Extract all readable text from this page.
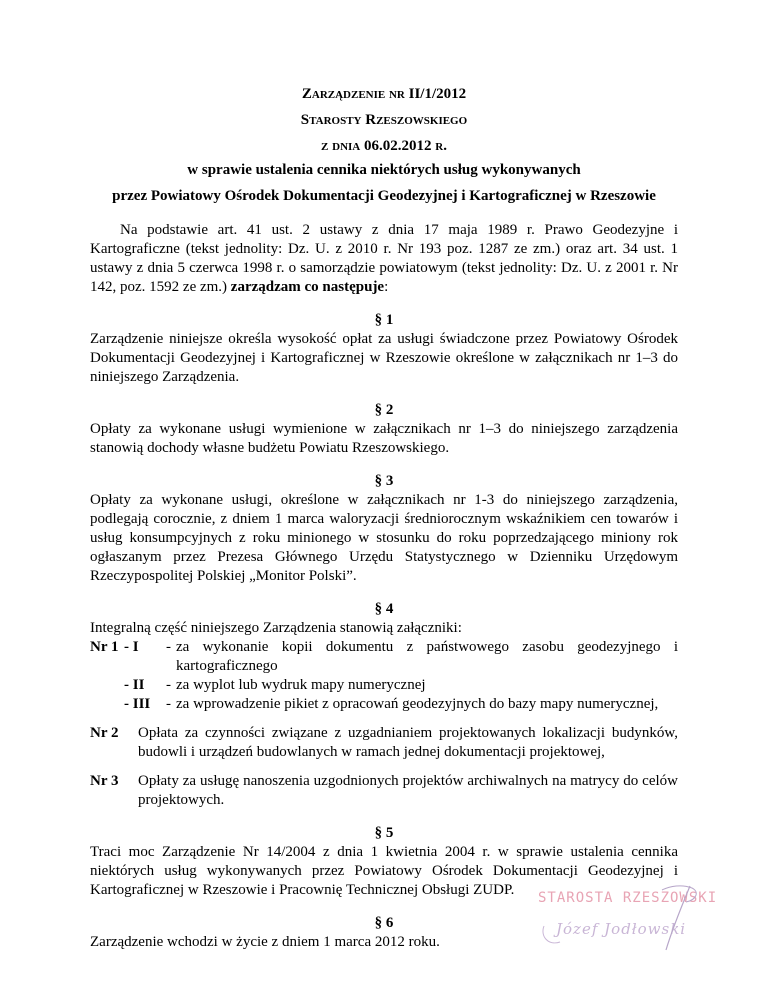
Zarządzenie nr II/1/2012
Starosty Rzeszowskiego
z dnia 06.02.2012 r.
w sprawie ustalenia cennika niektórych usług wykonywanych
przez Powiatowy Ośrodek Dokumentacji Geodezyjnej i Kartograficznej w Rzeszowie

Na podstawie art. 41 ust. 2 ustawy z dnia 17 maja 1989 r. Prawo Geodezyjne i Kartograficzne (tekst jednolity: Dz. U. z 2010 r. Nr 193 poz. 1287 ze zm.) oraz art. 34 ust. 1 ustawy z dnia 5 czerwca 1998 r. o samorządzie powiatowym (tekst jednolity: Dz. U. z 2001 r. Nr 142, poz. 1592 ze zm.) zarządzam co następuje:

§ 1

Zarządzenie niniejsze określa wysokość opłat za usługi świadczone przez Powiatowy Ośrodek Dokumentacji Geodezyjnej i Kartograficznej w Rzeszowie określone w załącznikach nr 1–3 do niniejszego Zarządzenia.

§ 2

Opłaty za wykonane usługi wymienione w załącznikach nr 1–3 do niniejszego zarządzenia stanowią dochody własne budżetu Powiatu Rzeszowskiego.

§ 3

Opłaty za wykonane usługi, określone w załącznikach nr 1-3 do niniejszego zarządzenia, podlegają corocznie, z dniem 1 marca waloryzacji średniorocznym wskaźnikiem cen towarów i usług konsumpcyjnych z roku minionego w stosunku do roku poprzedzającego miniony rok ogłaszanym przez Prezesa Głównego Urzędu Statystycznego w Dzienniku Urzędowym Rzeczypospolitej Polskiej „Monitor Polski”.

§ 4

Integralną część niniejszego Zarządzenia stanowią załączniki:

Nr 1 - I	- za wykonanie kopii dokumentu z państwowego zasobu geodezyjnego i kartograficznego
- II	- za wyplot lub wydruk mapy numerycznej
- III	- za wprowadzenie pikiet z opracowań geodezyjnych do bazy mapy numerycznej,
Nr 2	Opłata za czynności związane z uzgadnianiem projektowanych lokalizacji budynków, budowli i urządzeń budowlanych w ramach jednej dokumentacji projektowej,
Nr 3	Opłaty za usługę nanoszenia uzgodnionych projektów archiwalnych na matrycy do celów projektowych.
§ 5

Traci moc Zarządzenie Nr 14/2004 z dnia 1 kwietnia 2004 r. w sprawie ustalenia cennika niektórych usług wykonywanych przez Powiatowy Ośrodek Dokumentacji Geodezyjnej i Kartograficznej w Rzeszowie i Pracownię Technicznej Obsługi ZUDP.

§ 6

Zarządzenie wchodzi w życie z dniem 1 marca 2012 roku.

STAROSTA RZESZOWSKI
Józef Jodłowski
